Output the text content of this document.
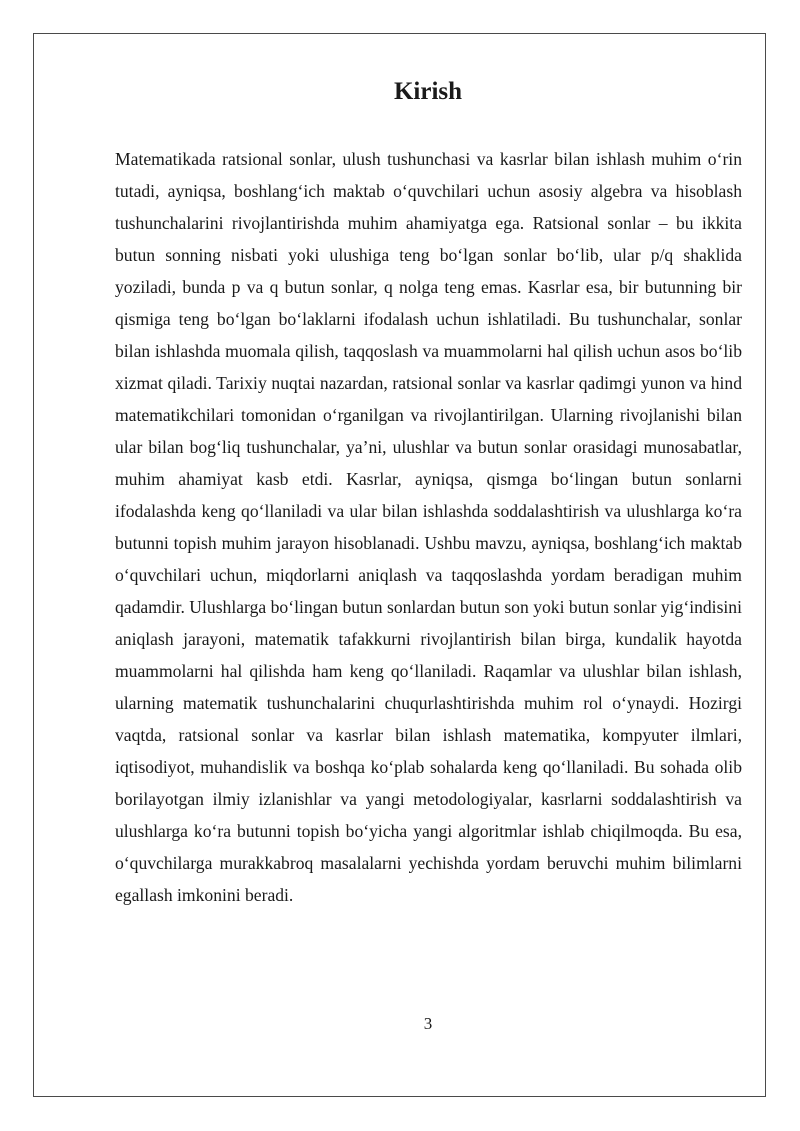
Kirish

Matematikada ratsional sonlar, ulush tushunchasi va kasrlar bilan ishlash muhim o‘rin tutadi, ayniqsa, boshlang‘ich maktab o‘quvchilari uchun asosiy algebra va hisoblash tushunchalarini rivojlantirishda muhim ahamiyatga ega. Ratsional sonlar – bu ikkita butun sonning nisbati yoki ulushiga teng bo‘lgan sonlar bo‘lib, ular p/q shaklida yoziladi, bunda p va q butun sonlar, q nolga teng emas. Kasrlar esa, bir butunning bir qismiga teng bo‘lgan bo‘laklarni ifodalash uchun ishlatiladi. Bu tushunchalar, sonlar bilan ishlashda muomala qilish, taqqoslash va muammolarni hal qilish uchun asos bo‘lib xizmat qiladi. Tarixiy nuqtai nazardan, ratsional sonlar va kasrlar qadimgi yunon va hind matematikchilari tomonidan o‘rganilgan va rivojlantirilgan. Ularning rivojlanishi bilan ular bilan bog‘liq tushunchalar, ya’ni, ulushlar va butun sonlar orasidagi munosabatlar, muhim ahamiyat kasb etdi. Kasrlar, ayniqsa, qismga bo‘lingan butun sonlarni ifodalashda keng qo‘llaniladi va ular bilan ishlashda soddalashtirish va ulushlarga ko‘ra butunni topish muhim jarayon hisoblanadi. Ushbu mavzu, ayniqsa, boshlang‘ich maktab o‘quvchilari uchun, miqdorlarni aniqlash va taqqoslashda yordam beradigan muhim qadamdir. Ulushlarga bo‘lingan butun sonlardan butun son yoki butun sonlar yig‘indisini aniqlash jarayoni, matematik tafakkurni rivojlantirish bilan birga, kundalik hayotda muammolarni hal qilishda ham keng qo‘llaniladi. Raqamlar va ulushlar bilan ishlash, ularning matematik tushunchalarini chuqurlashtirishda muhim rol o‘ynaydi. Hozirgi vaqtda, ratsional sonlar va kasrlar bilan ishlash matematika, kompyuter ilmlari, iqtisodiyot, muhandislik va boshqa ko‘plab sohalarda keng qo‘llaniladi. Bu sohada olib borilayotgan ilmiy izlanishlar va yangi metodologiyalar, kasrlarni soddalashtirish va ulushlarga ko‘ra butunni topish bo‘yicha yangi algoritmlar ishlab chiqilmoqda. Bu esa, o‘quvchilarga murakkabroq masalalarni yechishda yordam beruvchi muhim bilimlarni egallash imkonini beradi.

3
